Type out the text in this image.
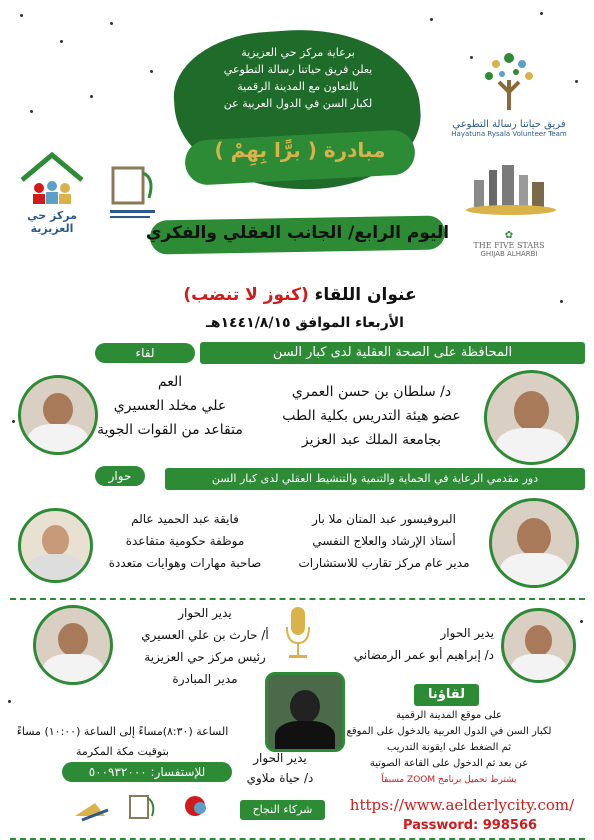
برعاية مركز حي العزيزية
يعلن فريق حياتنا رسالة التطوعي
بالتعاون مع المدينة الرقمية
لكبار السن في الدول العربية عن
مبادرة ( برًّا بِهِمْ )
فريق حياتنا رسالة التطوعي
Hayatuna Rysala Volunteer Team
✿
THE FIVE STARS
GHIJAB ALHARBI
مركز حي العزيزية	اليوم الرابع/ الجانب العقلي والفكري
عنوان اللقاء (كنوز لا تنضب)
الأربعاء الموافق ١٤٤١/٨/١٥هـ
لقاء	المحافظة على الصحة العقلية لدى كبار السن
د/ سلطان بن حسن العمري
عضو هيئة التدريس بكلية الطب
بجامعة الملك عبد العزيز
العم
علي مخلد العسيري
متقاعد من القوات الجوية
حوار	دور مقدمي الرعاية في الحماية والتنمية والتنشيط العقلي لدى كبار السن
البروفيسور عبد المنان ملا بار
أستاذ الإرشاد والعلاج النفسي
مدير عام مركز تقارب للاستشارات
فايقة عبد الحميد عالم
موظفة حكومية متقاعدة
صاحبة مهارات وهوايات متعددة
يدير الحوار
د/ إبراهيم أبو عمر الرمضاني
يدير الحوار
أ/ حارث بن علي العسيري
رئيس مركز حي العزيزية
مدير المبادرة
لقاؤنا
على موقع المدينة الرقمية
لكبار السن في الدول العربية بالدخول على الموقع
ثم الضغط على ايقونة التدريب
عن بعد ثم الدخول على القاعة الصوتية
يشترط تحميل برنامج ZOOM مسبقاً
يدير الحوار
د/ حياة ملاوي
الساعة (٨:٣٠)مساءً إلى الساعة (١٠:٠٠) مساءً
بتوقيت مكة المكرمة
للإستفسار: ٥٠٠٩٣٢٠٠٠
شركاء النجاح	https://www.aelderlycity.com/
Password: 998566
